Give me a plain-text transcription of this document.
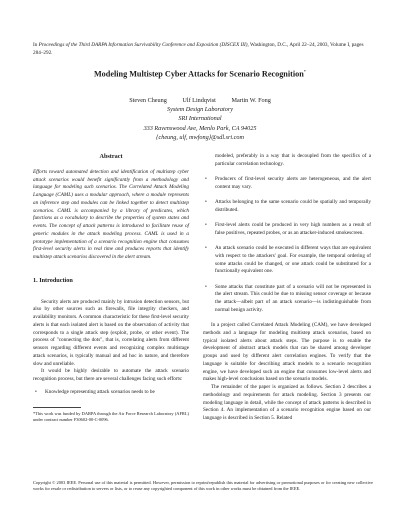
In Proceedings of the Third DARPA Information Survivability Conference and Exposition (DISCEX III), Washington, D.C., April 22–24, 2003, Volume I, pages 284–292.
Modeling Multistep Cyber Attacks for Scenario Recognition*
Steven Cheung	Ulf Lindqvist	Martin W. Fong
System Design Laboratory
SRI International
333 Ravenswood Ave, Menlo Park, CA 94025
{cheung, ulf, mwfong}@sdl.sri.com
Abstract

Efforts toward automated detection and identification of multistep cyber attack scenarios would benefit significantly from a methodology and language for modeling such scenarios. The Correlated Attack Modeling Language (CAML) uses a modular approach, where a module represents an inference step and modules can be linked together to detect multistep scenarios. CAML is accompanied by a library of predicates, which functions as a vocabulary to describe the properties of system states and events. The concept of attack patterns is introduced to facilitate reuse of generic modules in the attack modeling process. CAML is used in a prototype implementation of a scenario recognition engine that consumes first-level security alerts in real time and produces reports that identify multistep attack scenarios discovered in the alert stream.

1. Introduction

Security alerts are produced mainly by intrusion detection sensors, but also by other sources such as firewalls, file integrity checkers, and availability monitors. A common characteristic for these first-level security alerts is that each isolated alert is based on the observation of activity that corresponds to a single attack step (exploit, probe, or other event). The process of "connecting the dots", that is, correlating alerts from different sensors regarding different events and recognizing complex multistage attack scenarios, is typically manual and ad hoc in nature, and therefore slow and unreliable.

It would be highly desirable to automate the attack scenario recognition process, but there are several challenges facing such efforts:

• Knowledge representing attack scenarios needs to be
*This work was funded by DARPA through the Air Force Research Laboratory (AFRL) under contract number F30602-00-C-0096.

modeled, preferably in a way that is decoupled from the specifics of a particular correlation technology.

• Producers of first-level security alerts are heterogeneous, and the alert content may vary.
• Attacks belonging to the same scenario could be spatially and temporally distributed.
• First-level alerts could be produced in very high numbers as a result of false positives, repeated probes, or as an attacker-induced smokescreen.
• An attack scenario could be executed in different ways that are equivalent with respect to the attackers' goal. For example, the temporal ordering of some attacks could be changed, or one attack could be substituted for a functionally equivalent one.
• Some attacks that constitute part of a scenario will not be represented in the alert stream. This could be due to missing sensor coverage or because the attack—albeit part of an attack scenario—is indistinguishable from normal benign activity.

In a project called Correlated Attack Modeling (CAM), we have developed methods and a language for modeling multistep attack scenarios, based on typical isolated alerts about attack steps. The purpose is to enable the development of abstract attack models that can be shared among developer groups and used by different alert correlation engines. To verify that the language is suitable for describing attack models to a scenario recognition engine, we have developed such an engine that consumes low-level alerts and makes high-level conclusions based on the scenario models.

The remainder of the paper is organized as follows. Section 2 describes a methodology and requirements for attack modeling. Section 3 presents our modeling language in detail, while the concept of attack patterns is described in Section 4. An implementation of a scenario recognition engine based on our language is described in Section 5. Related

Copyright © 2003 IEEE. Personal use of this material is permitted. However, permission to reprint/republish this material for advertising or promotional purposes or for creating new collective works for resale or redistribution to servers or lists, or to reuse any copyrighted component of this work in other works must be obtained from the IEEE.
